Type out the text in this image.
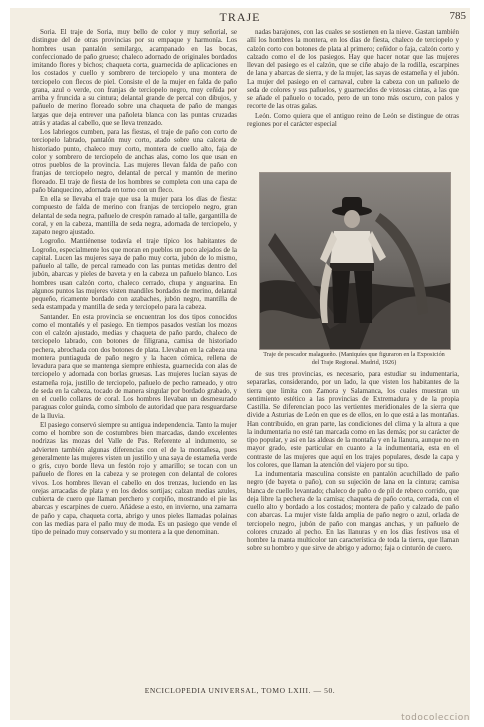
TRAJE	785

Soria. El traje de Soria, muy bello de color y muy señorial, se distingue del de otras provincias por su empaque y harmonía. Los hombres usan pantalón semilargo, acampanado en las bocas, confeccionado de paño grueso; chaleco adornado de originales bordados imitando flores y bichos; chaqueta corta, guarnecida de aplicaciones en los costados y cuello y sombrero de terciopelo y una montera de terciopelo con flecos de piel. Consiste el de la mujer en falda de paño grana, azul o verde, con franjas de terciopelo negro, muy ceñida por arriba y fruncida a su cintura; delantal grande de percal con dibujos, y pañuelo de merino floreado sobre una chaqueta de paño de mangas largas que deja entrever una pañoleta blanca con las puntas cruzadas atrás y atadas al cabello, que se lleva trenzado.

Los labriegos cumben, para las fiestas, el traje de paño con corto de terciopelo labrado, pantalón muy corto, atado sobre una calceta de historiado punto, chaleco muy corto, montera de cuello alto, faja de color y sombrero de terciopelo de anchas alas, como los que usan en otros pueblos de la provincia. Las mujeres llevan falda de paño con franjas de terciopelo negro, delantal de percal y mantón de merino floreado. El traje de fiesta de los hombres se completa con una capa de paño blanquecino, adornada en torno con un fleco.

En ella se llevaba el traje que usa la mujer para los días de fiesta: compuesto de falda de merino con franjas de terciopelo negro, gran delantal de seda negra, pañuelo de crespón ramado al talle, gargantilla de coral, y en la cabeza, mantilla de seda negra, adornada de terciopelo, y zapato negro ajustado.

Logroño. Mantiénense todavía el traje típico los habitantes de Logroño, especialmente los que moran en pueblos un poco alejados de la capital. Lucen las mujeres saya de paño muy corta, jubón de lo mismo, pañuelo al talle, de percal rameado con las puntas metidas dentro del jubón, abarcas y pieles de baveta y en la cabeza un pañuelo blanco. Los hombres usan calzón corto, chaleco cerrado, chupa y anguarina. En algunos puntos las mujeres visten mandiles bordados de merino, delantal pequeño, ricamente bordado con azabaches, jubón negro, mantilla de seda estampada y mantilla de seda y terciopelo para la cabeza.

Santander. En esta provincia se encuentran los dos tipos conocidos como el montañés y el pasiego. En tiempos pasados vestían los mozos con el calzón ajustado, medias y chaqueta de paño pardo, chaleco de terciopelo labrado, con botones de filigrana, camisa de historiado pechera, abrochada con dos botones de plata. Llevaban en la cabeza una montera puntiaguda de paño negro y la hacen cómica, rellena de levadura para que se mantenga siempre enhiesta, guarnecida con alas de terciopelo y adornada con borlas gruesas. Las mujeres lucían sayas de estameña roja, justillo de terciopelo, pañuelo de pecho rameado, y otro de seda en la cabeza, tocado de manera singular por bordado grabado, y en el cuello collares de coral. Los hombres llevaban un desmesurado paraguas color guinda, como símbolo de autoridad que para resguardarse de la lluvia.

El pasiego conservó siempre su antigua independencia. Tanto la mujer como el hombre son de costumbres bien marcadas, dando excelentes nodrizas las mozas del Valle de Pas. Referente al indumento, se advierten también algunas diferencias con el de la montañesa, pues generalmente las mujeres visten un justillo y una saya de estameña verde o gris, cuyo borde lleva un festón rojo y amarillo; se tocan con un pañuelo de flores en la cabeza y se protegen con delantal de colores vivos. Los hombres llevan el cabello en dos trenzas, luciendo en las orejas arracadas de plata y en los dedos sortijas; calzan medias azules, cubierta de cuero que llaman perchero y corpiño, mostrando el pie las abarcas y escarpines de cuero. Añádese a esto, en invierno, una zamarra de paño y capa, chaqueta corta, abrigo y unos pieles llamadas polainas con las medias para el paño muy de moda. Es un pasiego que vende el tipo de peinado muy conservado y su montera a la que denominan.

nadas barajones, con las cuales se sostienen en la nieve. Gastan también allí los hombres la montera, en los días de fiesta, chaleco de terciopelo y calzón corto con botones de plata al primero; ceñidor o faja, calzón corto y calzado como el de los pasiegos. Hay que hacer notar que las mujeres llevan del pasiego es el calzón, que se ciñe abajo de la rodilla, escarpines de lana y abarcas de sierra, y de la mujer, las sayas de estameña y el jubón. La mujer del pasiego en el carnaval, cubre la cabeza con un pañuelo de seda de colores y sus pañuelos, y guarnecidos de vistosas cintas, a las que se añade el pañuelo o tocado, pero de un tono más oscuro, con palos y recorte de las otras galas.

León. Como quiera que el antiguo reino de León se distingue de otras regiones por el carácter especial

Traje de pescador malagueño. (Maniquíes que figuraron en la Exposición del Traje Regional. Madrid, 1926)

de sus tres provincias, es necesario, para estudiar su indumentaria, separarlas, considerando, por un lado, la que visten los habitantes de la tierra que limita con Zamora y Salamanca, los cuales muestran un sentimiento estético a las provincias de Extremadura y de la propia Castilla. Se diferencian poco las vertientes meridionales de la sierra que divide a Asturias de León en que es de ellos, en lo que está a las montañas. Han contribuido, en gran parte, las condiciones del clima y la altura a que la indumentaria no esté tan marcada como en las demás; por su carácter de tipo popular, y así en las aldeas de la montaña y en la llanura, aunque no en mayor grado, este particular en cuanto a la indumentaria, esta en el contraste de las mujeres que aquí en los trajes populares, desde la capa y los colores, que llaman la atención del viajero por su tipo.

La indumentaria masculina consiste en pantalón acuchillado de paño negro (de bayeta o paño), con su sujeción de lana en la cintura; camisa blanca de cuello levantado; chaleco de paño o de pil de rebeco corrido, que deja libre la pechera de la camisa; chaqueta de paño corta, cerrada, con el cuello alto y bordado a los costados; montera de paño y calzado de paño con abarcas. La mujer viste falda amplia de paño negro o azul, orlada de terciopelo negro, jubón de paño con mangas anchas, y un pañuelo de colores cruzado al pecho. En las llanuras y en los días festivos usa el hombre la manta multicolor tan característica de toda la tierra, que llaman sobre su hombro y que sirve de abrigo y adorno; faja o cinturón de cuero.

ENCICLOPEDIA UNIVERSAL, TOMO LXIII. — 50.
todocoleccion
